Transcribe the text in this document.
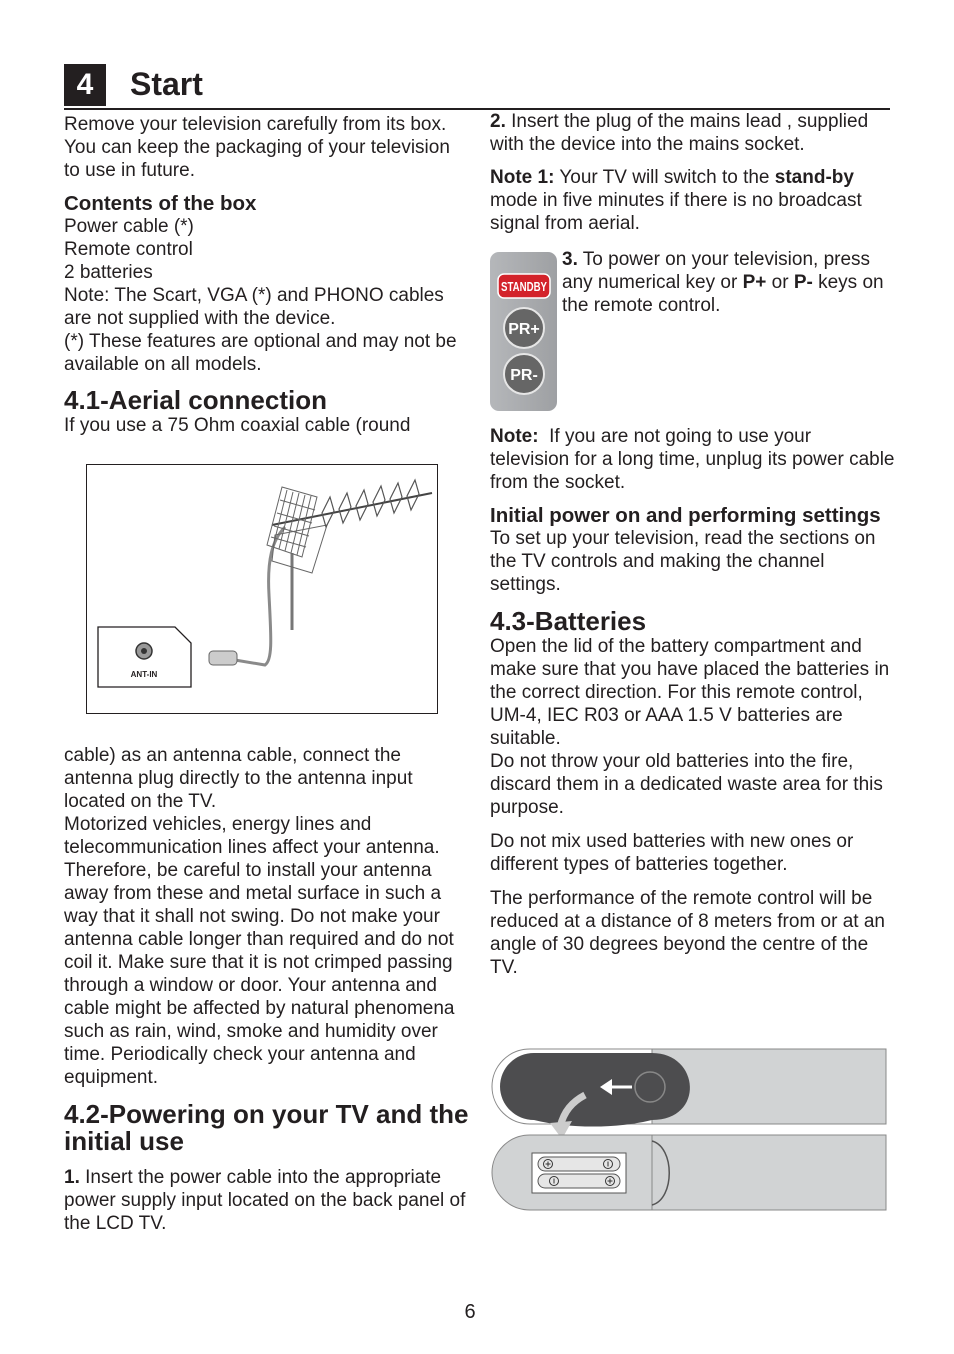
4	Start

Remove your television carefully from its box. You can keep the packaging of your television to use in future.

Contents of the box

Power cable (*)

Remote control

2 batteries

Note: The Scart, VGA (*) and PHONO cables are not supplied with the device.

(*) These features are optional and may not be available on all models.

4.1-Aerial connection

If you use a 75 Ohm coaxial cable (round

cable) as an antenna cable, connect the antenna plug directly to the antenna input located on the TV.

Motorized vehicles, energy lines and telecommunication lines affect your antenna. Therefore, be careful to install your antenna away from these and metal surface in such a way that it shall not swing. Do not make your antenna cable longer than required and do not coil it. Make sure that it is not crimped passing through a window or door. Your antenna and cable might be affected by natural phenomena such as rain, wind, smoke and humidity over time. Periodically check your antenna and equipment.

4.2-Powering on your TV and the initial use

1. Insert the power cable into the appropriate power supply input located on the back panel of the LCD TV.

ANT-IN

2. Insert the plug of the mains lead , supplied with the device into the mains socket.

Note 1: Your TV will switch to the stand-by mode in five minutes if there is no broadcast signal from aerial.

Note: If you are not going to use your television for a long time, unplug its power cable from the socket.

Initial power on and performing settings

To set up your television, read the sections on the TV controls and making the channel settings.

4.3-Batteries

Open the lid of the battery compartment and make sure that you have placed the batteries in the correct direction. For this remote control, UM-4, IEC R03 or AAA 1.5 V batteries are suitable.

Do not throw your old batteries into the fire, discard them in a dedicated waste area for this purpose.

Do not mix used batteries with new ones or different types of batteries together.

The performance of the remote control will be reduced at a distance of 8 meters from or at an angle of 30 degrees beyond the centre of the TV.

STANDBY
PR+
PR-

3. To power on your television, press any numerical key or P+ or P- keys on the remote control.

6
